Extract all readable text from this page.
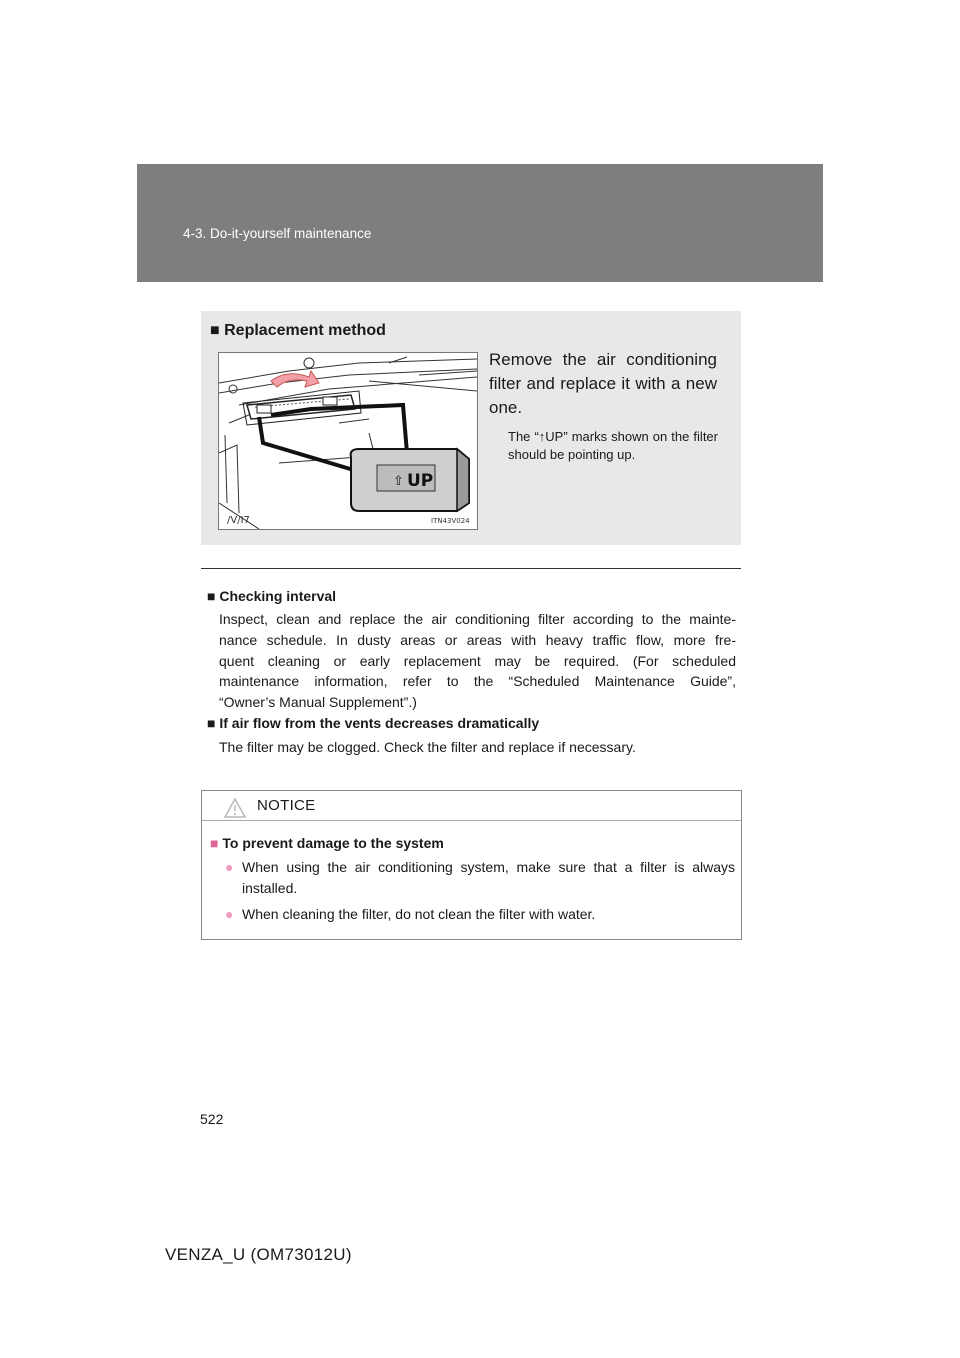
4-3. Do-it-yourself maintenance
■ Replacement method
⇧ UP
/V/I7	ITN43V024
Remove the air conditioning filter and replace it with a new one.
The “↑UP” marks shown on the filter should be pointing up.
■ Checking interval
Inspect, clean and replace the air conditioning filter according to the mainte-
nance schedule. In dusty areas or areas with heavy traffic flow, more fre-
quent cleaning or early replacement may be required. (For scheduled
maintenance information, refer to the “Scheduled Maintenance Guide”,
“Owner’s Manual Supplement”.)
■ If air flow from the vents decreases dramatically
The filter may be clogged. Check the filter and replace if necessary.
NOTICE
■ To prevent damage to the system
● When using the air conditioning system, make sure that a filter is always installed.
● When cleaning the filter, do not clean the filter with water.
522
VENZA_U (OM73012U)
